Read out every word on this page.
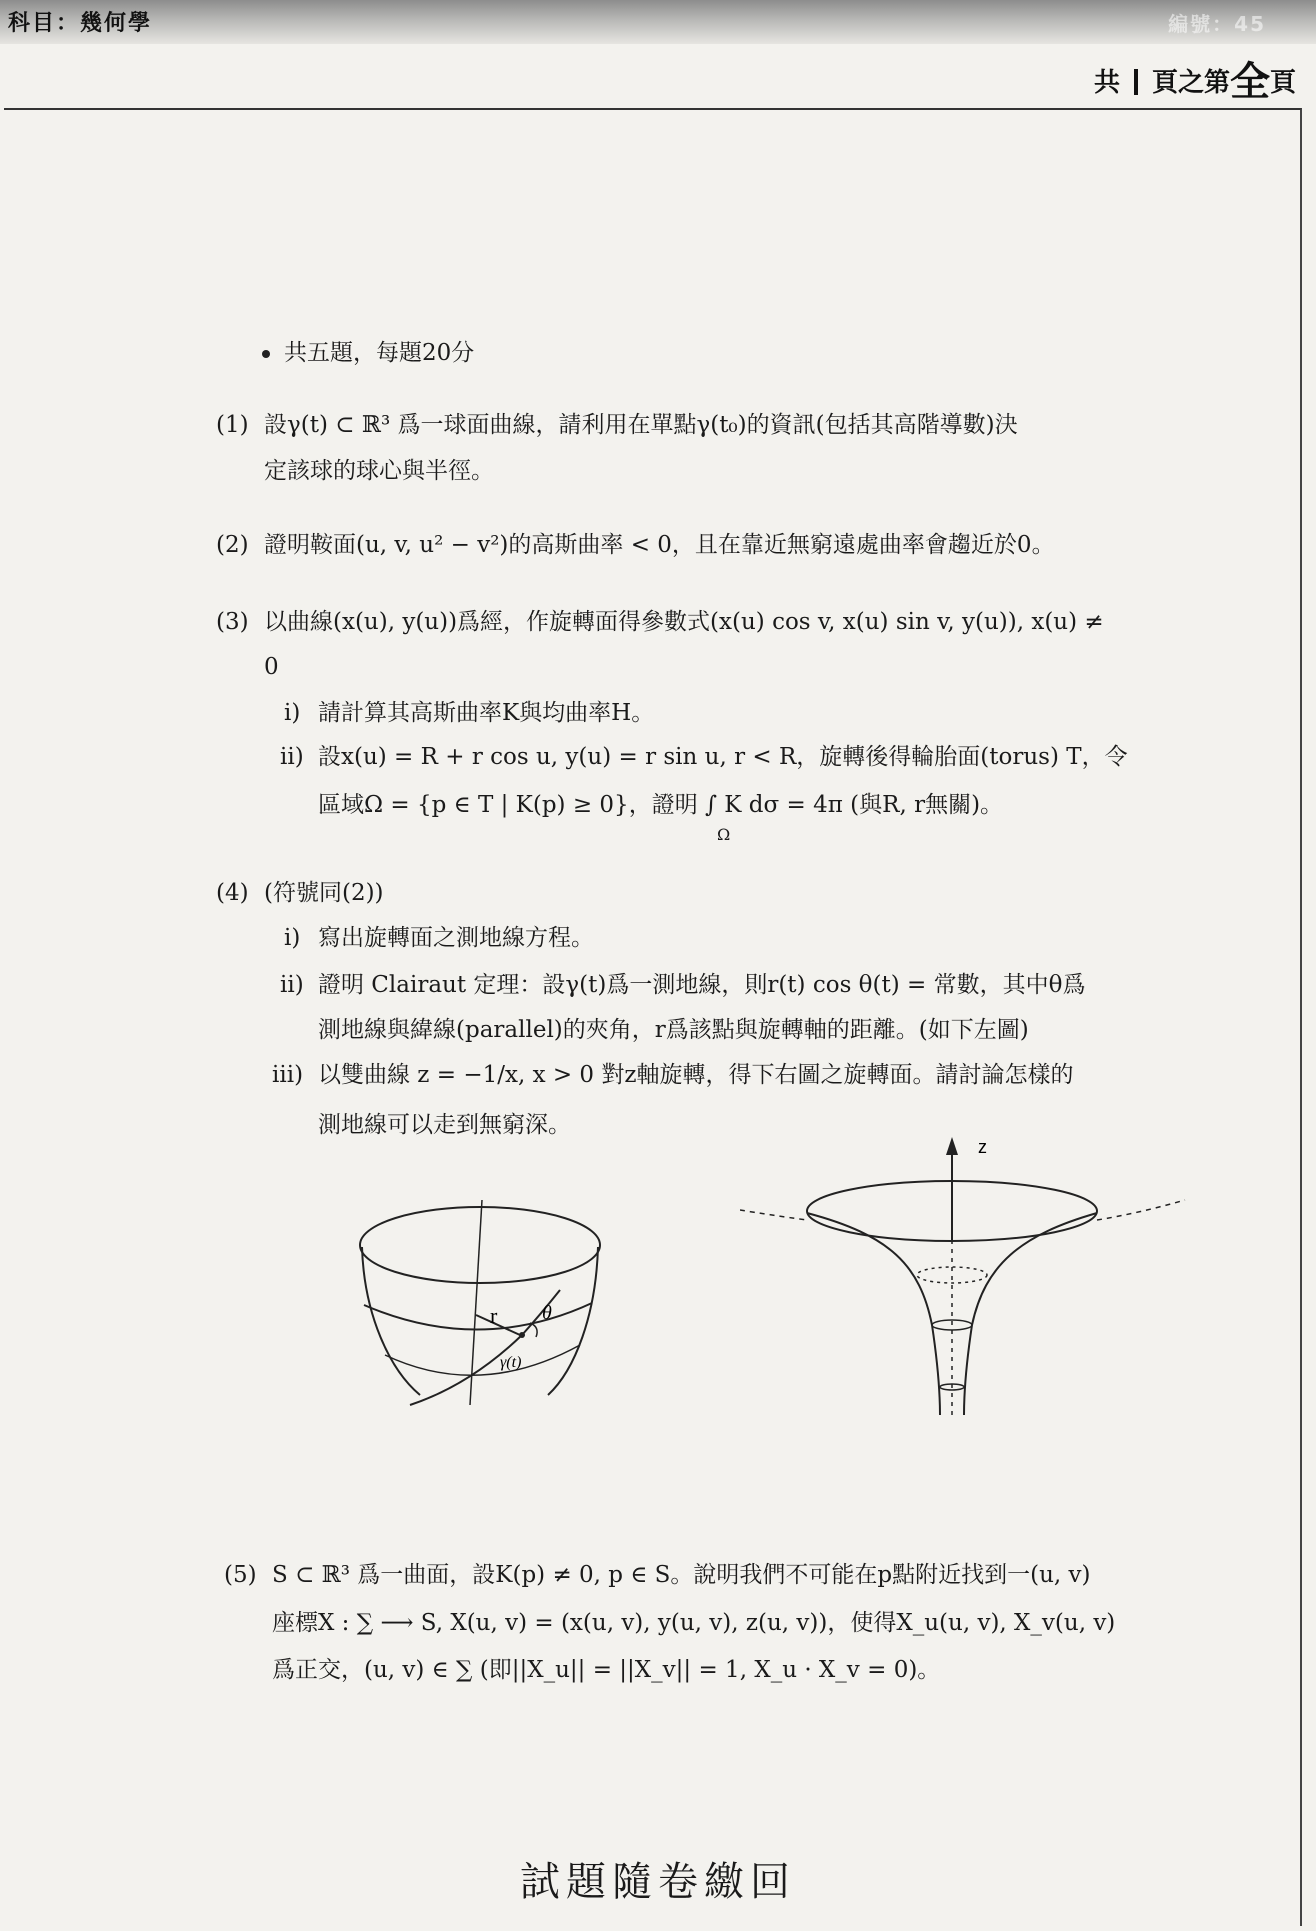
科目：幾何學	編號：45
共 頁之第全頁
共五題，每題20分
(1) 設γ(t) ⊂ ℝ³ 爲一球面曲線，請利用在單點γ(t₀)的資訊(包括其高階導數)決
定該球的球心與半徑。
(2) 證明鞍面(u, v, u² − v²)的高斯曲率 < 0，且在靠近無窮遠處曲率會趨近於0。
(3) 以曲線(x(u), y(u))爲經，作旋轉面得參數式(x(u) cos v, x(u) sin v, y(u)), x(u) ≠
0
i) 請計算其高斯曲率K與均曲率H。
ii) 設x(u) = R + r cos u, y(u) = r sin u, r < R，旋轉後得輪胎面(torus) T，令
區域Ω = {p ∈ T | K(p) ≥ 0}，證明 ∫ K dσ = 4π (與R, r無關)。
Ω
(4) (符號同(2))
i) 寫出旋轉面之測地線方程。
ii) 證明 Clairaut 定理：設γ(t)爲一測地線，則r(t) cos θ(t) = 常數，其中θ爲
測地線與緯線(parallel)的夾角，r爲該點與旋轉軸的距離。(如下左圖)
iii) 以雙曲線 z = −1/x, x > 0 對z軸旋轉，得下右圖之旋轉面。請討論怎樣的
測地線可以走到無窮深。
r θ
γ(t)
z
(5) S ⊂ ℝ³ 爲一曲面，設K(p) ≠ 0, p ∈ S。說明我們不可能在p點附近找到一(u, v)
座標X : ∑ ⟶ S, X(u, v) = (x(u, v), y(u, v), z(u, v))，使得X_u(u, v), X_v(u, v)
爲正交，(u, v) ∈ ∑ (即||X_u|| = ||X_v|| = 1, X_u · X_v = 0)。
試題隨卷繳回
